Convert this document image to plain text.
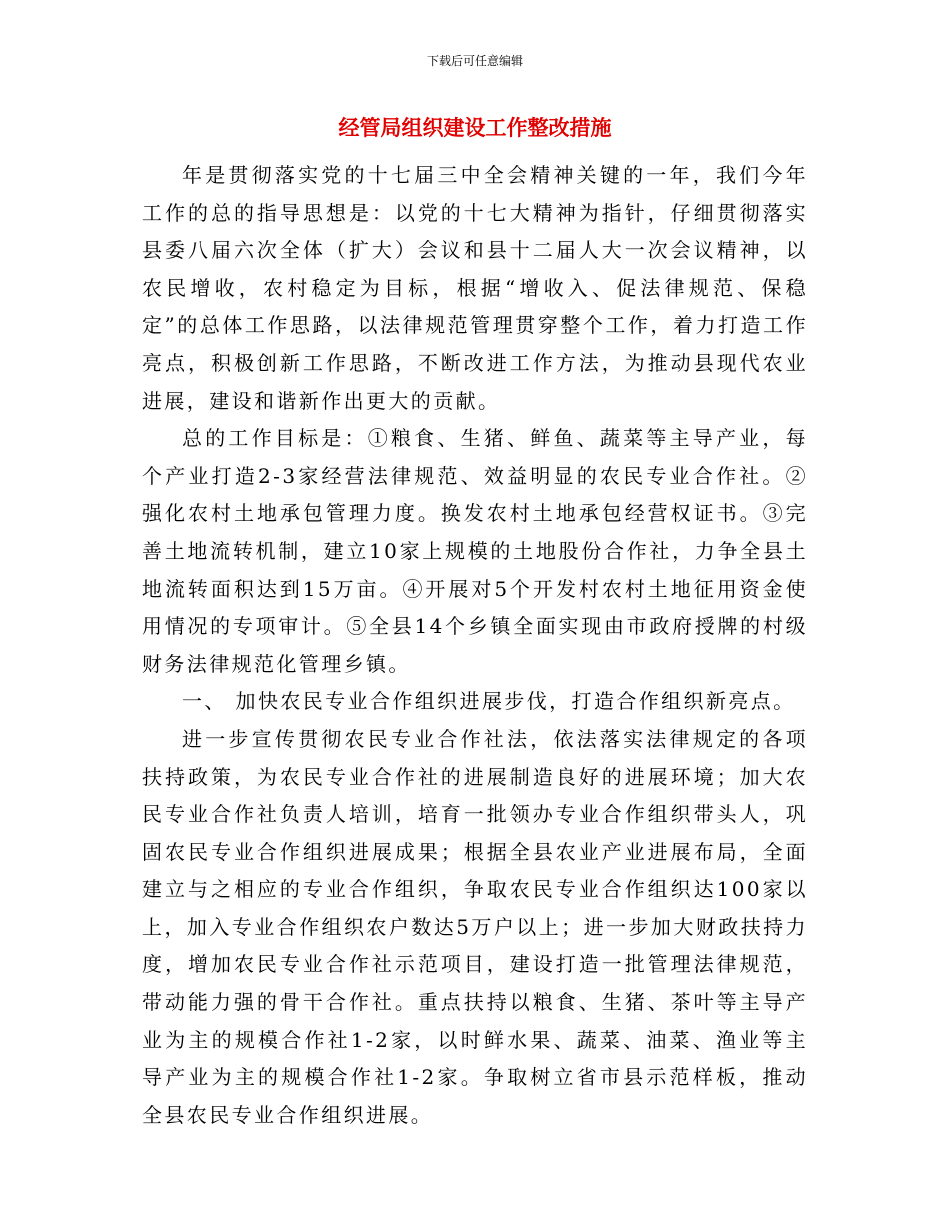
下载后可任意编辑
经管局组织建设工作整改措施

年是贯彻落实党的十七届三中全会精神关键的一年，我们今年工作的总的指导思想是：以党的十七大精神为指针，仔细贯彻落实县委八届六次全体（扩大）会议和县十二届人大一次会议精神，以农民增收，农村稳定为目标，根据“增收入、促法律规范、保稳定”的总体工作思路，以法律规范管理贯穿整个工作，着力打造工作亮点，积极创新工作思路，不断改进工作方法，为推动县现代农业进展，建设和谐新作出更大的贡献。

总的工作目标是：①粮食、生猪、鲜鱼、蔬菜等主导产业，每个产业打造2-3家经营法律规范、效益明显的农民专业合作社。②强化农村土地承包管理力度。换发农村土地承包经营权证书。③完善土地流转机制，建立10家上规模的土地股份合作社，力争全县土地流转面积达到15万亩。④开展对5个开发村农村土地征用资金使用情况的专项审计。⑤全县14个乡镇全面实现由市政府授牌的村级财务法律规范化管理乡镇。

一、 加快农民专业合作组织进展步伐，打造合作组织新亮点。

进一步宣传贯彻农民专业合作社法，依法落实法律规定的各项扶持政策，为农民专业合作社的进展制造良好的进展环境；加大农民专业合作社负责人培训，培育一批领办专业合作组织带头人，巩固农民专业合作组织进展成果；根据全县农业产业进展布局，全面建立与之相应的专业合作组织，争取农民专业合作组织达100家以上，加入专业合作组织农户数达5万户以上；进一步加大财政扶持力度，增加农民专业合作社示范项目，建设打造一批管理法律规范，带动能力强的骨干合作社。重点扶持以粮食、生猪、茶叶等主导产业为主的规模合作社1-2家，以时鲜水果、蔬菜、油菜、渔业等主导产业为主的规模合作社1-2家。争取树立省市县示范样板，推动全县农民专业合作组织进展。
